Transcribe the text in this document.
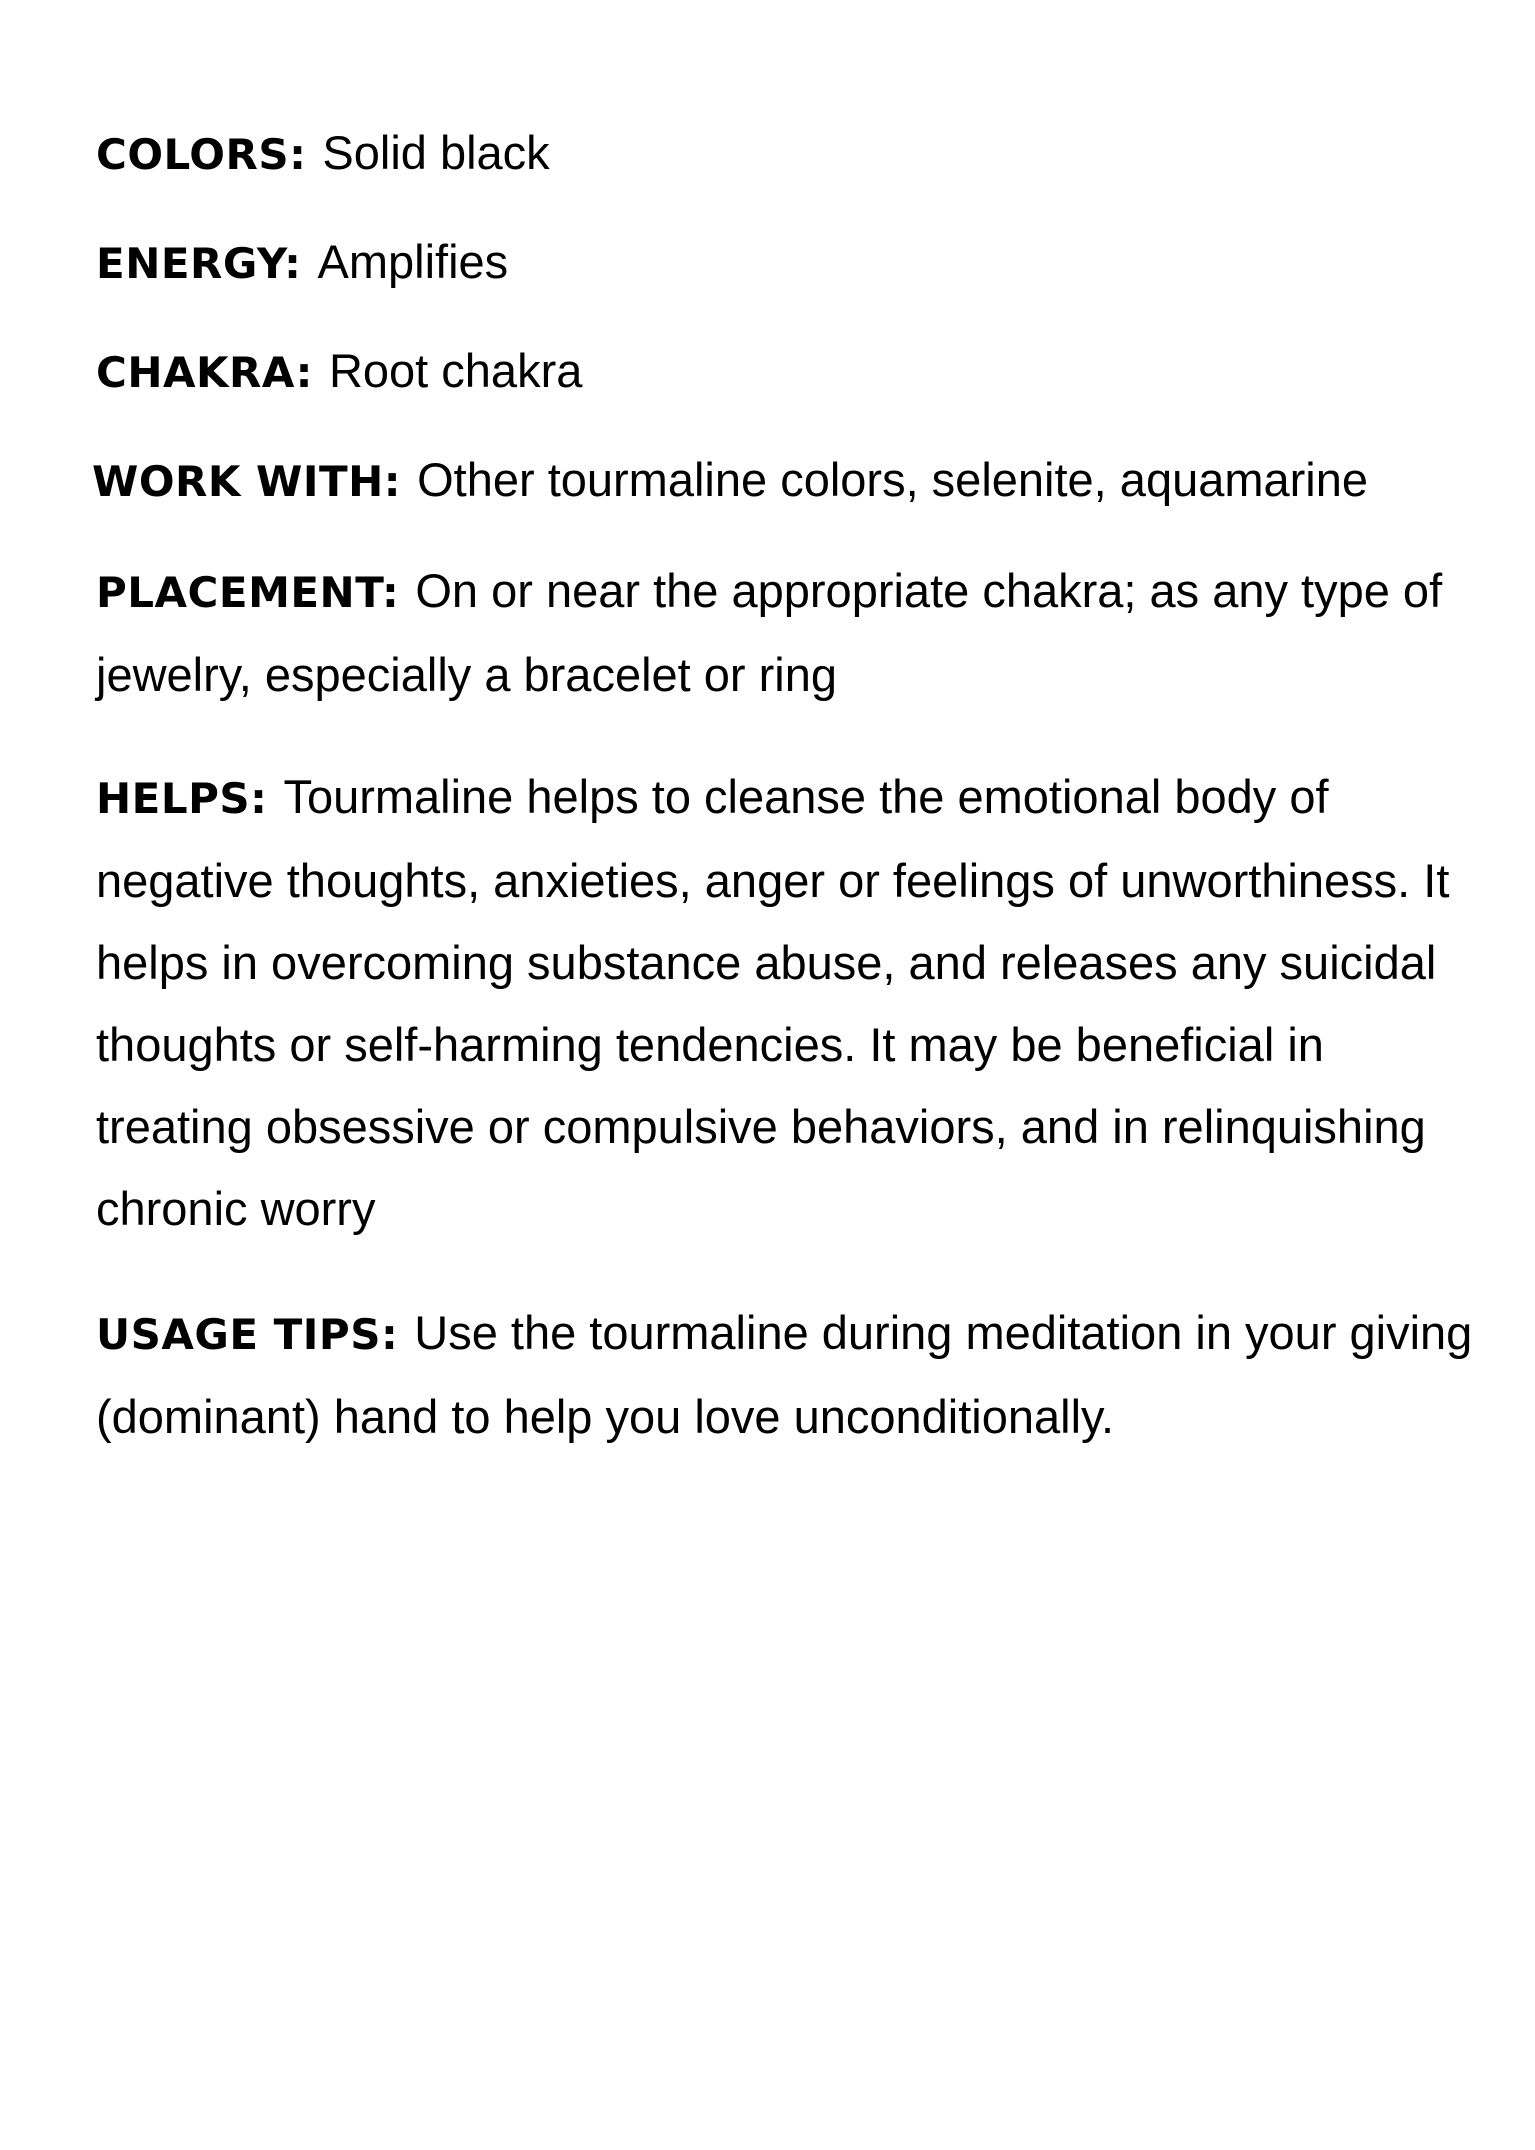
COLORS: Solid black
ENERGY: Amplifies
CHAKRA: Root chakra
WORK WITH: Other tourmaline colors, selenite, aquamarine
PLACEMENT: On or near the appropriate chakra; as any type of jewelry, especially a bracelet or ring
HELPS: Tourmaline helps to cleanse the emotional body of negative thoughts, anxieties, anger or feelings of unworthiness. It helps in overcoming substance abuse, and releases any suicidal thoughts or self-harming tendencies. It may be beneficial in treating obsessive or compulsive behaviors, and in relinquishing chronic worry
USAGE TIPS: Use the tourmaline during meditation in your giving (dominant) hand to help you love unconditionally.
